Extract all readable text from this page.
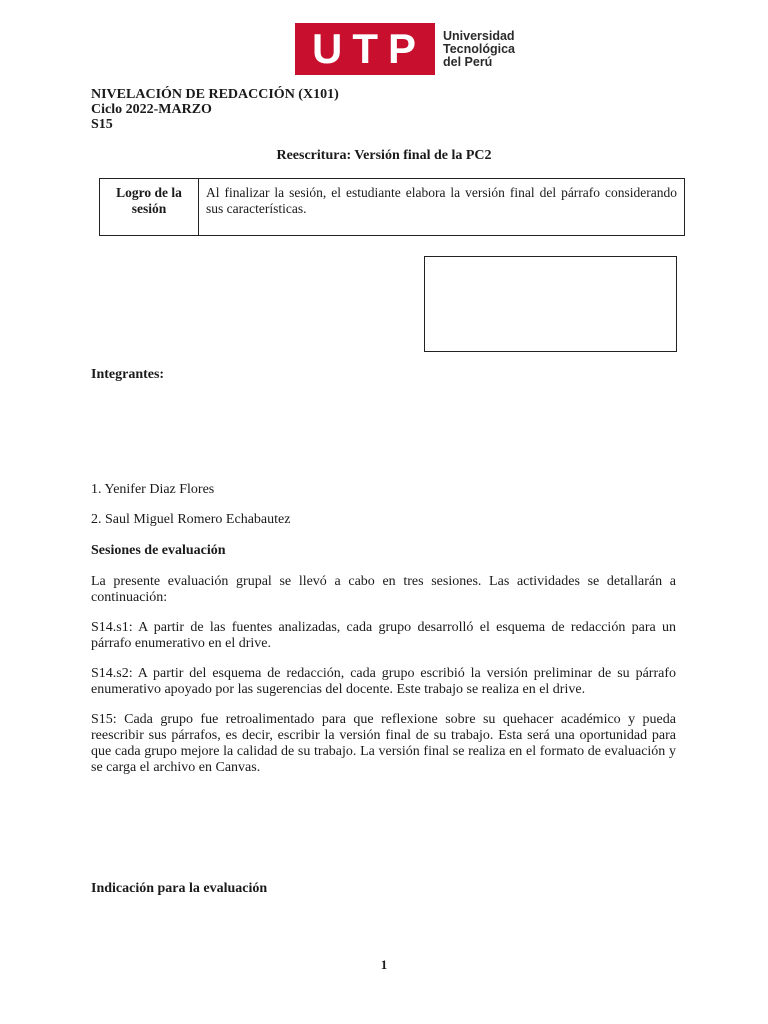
UTP	Universidad
Tecnológica
del Perú
NIVELACIÓN DE REDACCIÓN (X101)
Ciclo 2022-MARZO
S15
Reescritura: Versión final de la PC2
Logro de la sesión
Al finalizar la sesión, el estudiante elabora la versión final del párrafo considerando sus características.
Integrantes:
1. Yenifer Diaz Flores
2. Saul Miguel Romero Echabautez
Sesiones de evaluación

La presente evaluación grupal se llevó a cabo en tres sesiones. Las actividades se detallarán a continuación:

S14.s1: A partir de las fuentes analizadas, cada grupo desarrolló el esquema de redacción para un párrafo enumerativo en el drive.

S14.s2: A partir del esquema de redacción, cada grupo escribió la versión preliminar de su párrafo enumerativo apoyado por las sugerencias del docente. Este trabajo se realiza en el drive.

S15: Cada grupo fue retroalimentado para que reflexione sobre su quehacer académico y pueda reescribir sus párrafos, es decir, escribir la versión final de su trabajo. Esta será una oportunidad para que cada grupo mejore la calidad de su trabajo. La versión final se realiza en el formato de evaluación y se carga el archivo en Canvas.

Indicación para la evaluación
1
